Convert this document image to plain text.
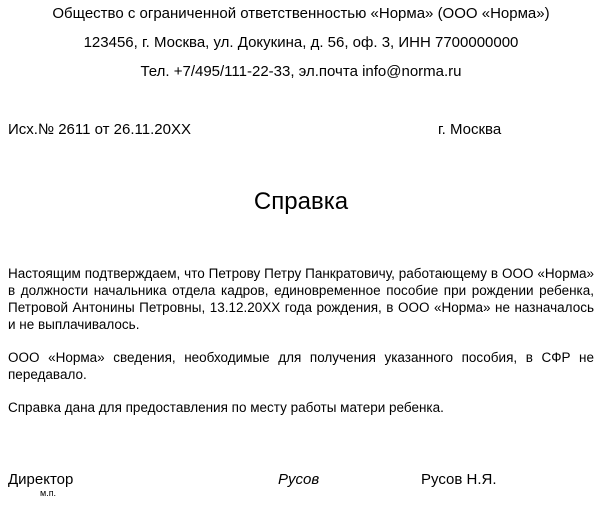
Общество с ограниченной ответственностью «Норма» (ООО «Норма»)
123456, г. Москва, ул. Докукина, д. 56, оф. 3, ИНН 7700000000
Тел. +7/495/111-22-33, эл.почта info@norma.ru
Исх.№ 2611 от 26.11.20ХХ	г. Москва
Справка
Настоящим подтверждаем, что Петрову Петру Панкратовичу, работающему в ООО «Норма» в должности начальника отдела кадров, единовременное пособие при рождении ребенка, Петровой Антонины Петровны, 13.12.20ХХ года рождения, в ООО «Норма» не назначалось и не выплачивалось.
ООО «Норма» сведения, необходимые для получения указанного пособия, в СФР не передавало.
Справка дана для предоставления по месту работы матери ребенка.
Директор
м.п.
Русов	Русов Н.Я.
